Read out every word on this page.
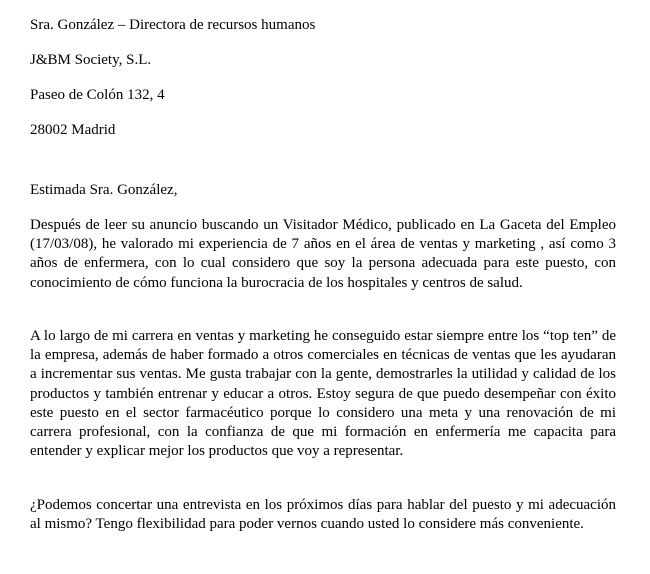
Sra. González – Directora de recursos humanos
J&BM Society, S.L.
Paseo de Colón 132, 4
28002 Madrid
Estimada Sra. González,

Después de leer su anuncio buscando un Visitador Médico, publicado en La Gaceta del Empleo (17/03/08), he valorado mi experiencia de 7 años en el área de ventas y marketing , así como 3 años de enfermera, con lo cual considero que soy la persona adecuada para este puesto, con conocimiento de cómo funciona la burocracia de los hospitales y centros de salud.

A lo largo de mi carrera en ventas y marketing he conseguido estar siempre entre los “top ten” de la empresa, además de haber formado a otros comerciales en técnicas de ventas que les ayudaran a incrementar sus ventas. Me gusta trabajar con la gente, demostrarles la utilidad y calidad de los productos y también entrenar y educar a otros. Estoy segura de que puedo desempeñar con éxito este puesto en el sector farmacéutico porque lo considero una meta y una renovación de mi carrera profesional, con la confianza de que mi formación en enfermería me capacita para entender y explicar mejor los productos que voy a representar.

¿Podemos concertar una entrevista en los próximos días para hablar del puesto y mi adecuación al mismo? Tengo flexibilidad para poder vernos cuando usted lo considere más conveniente.
